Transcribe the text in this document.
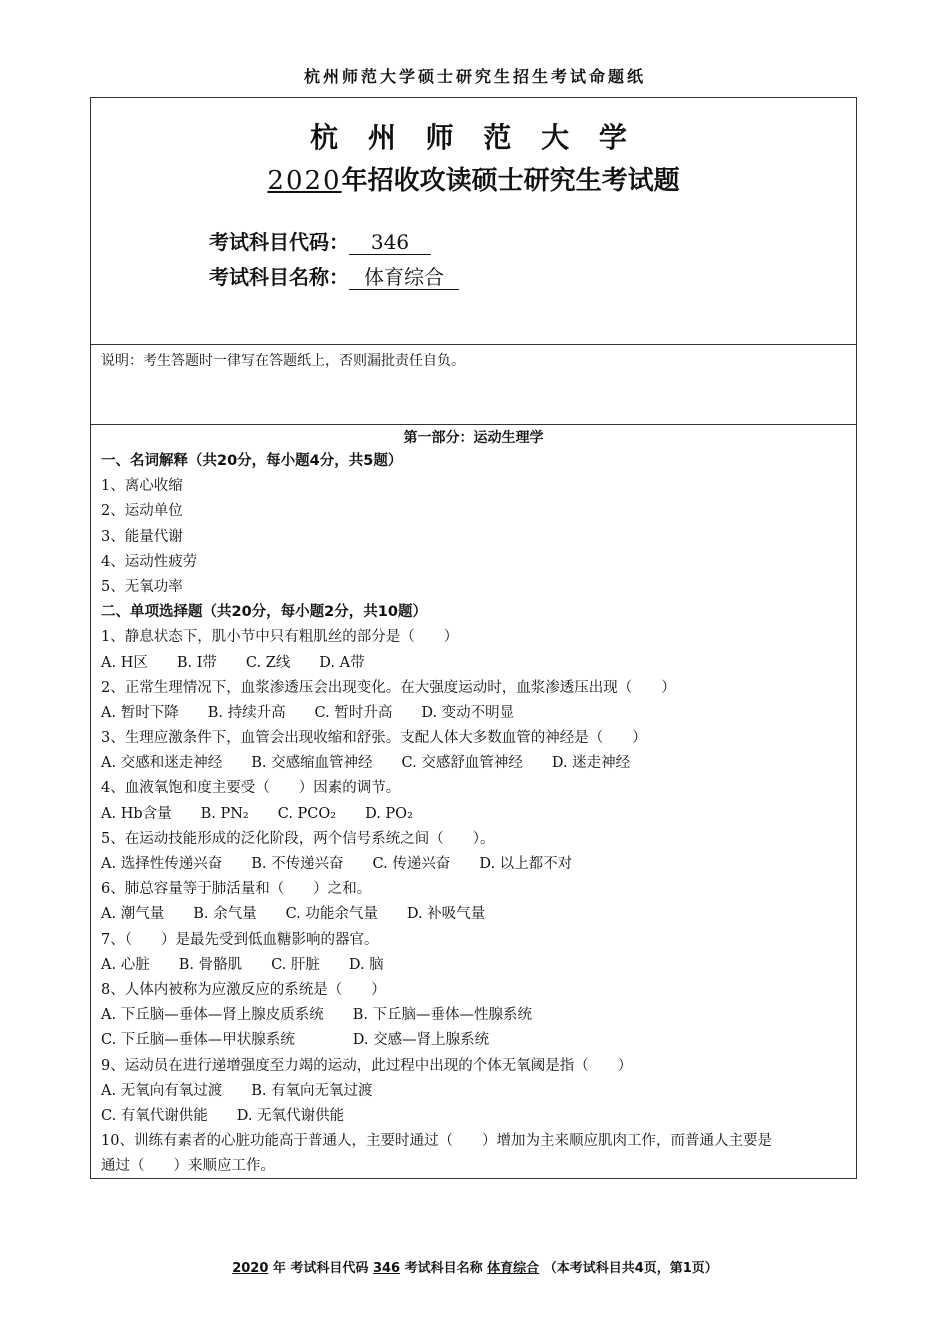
杭州师范大学硕士研究生招生考试命题纸
杭 州 师 范 大 学
2020年招收攻读硕士研究生考试题
考试科目代码： 346
考试科目名称： 体育综合
说明：考生答题时一律写在答题纸上，否则漏批责任自负。
第一部分：运动生理学
一、名词解释（共20分，每小题4分，共5题）
1、离心收缩
2、运动单位
3、能量代谢
4、运动性疲劳
5、无氧功率
二、单项选择题（共20分，每小题2分，共10题）
1、静息状态下，肌小节中只有粗肌丝的部分是（　　）
A. H区　　B. I带　　C. Z线　　D. A带
2、正常生理情况下，血浆渗透压会出现变化。在大强度运动时，血浆渗透压出现（　　）
A. 暂时下降　　B. 持续升高　　C. 暂时升高　　D. 变动不明显
3、生理应激条件下，血管会出现收缩和舒张。支配人体大多数血管的神经是（　　）
A. 交感和迷走神经　　B. 交感缩血管神经　　C. 交感舒血管神经　　D. 迷走神经
4、血液氧饱和度主要受（　　）因素的调节。
A. Hb含量　　B. PN₂　　C. PCO₂　　D. PO₂
5、在运动技能形成的泛化阶段，两个信号系统之间（　　）。
A. 选择性传递兴奋　　B. 不传递兴奋　　C. 传递兴奋　　D. 以上都不对
6、肺总容量等于肺活量和（　　）之和。
A. 潮气量　　B. 余气量　　C. 功能余气量　　D. 补吸气量
7、（　　）是最先受到低血糖影响的器官。
A. 心脏　　B. 骨骼肌　　C. 肝脏　　D. 脑
8、人体内被称为应激反应的系统是（　　）
A. 下丘脑—垂体—肾上腺皮质系统　　B. 下丘脑—垂体—性腺系统
C. 下丘脑—垂体—甲状腺系统　　　　D. 交感—肾上腺系统
9、运动员在进行递增强度至力竭的运动，此过程中出现的个体无氧阈是指（　　）
A. 无氧向有氧过渡　　B. 有氧向无氧过渡
C. 有氧代谢供能　　D. 无氧代谢供能
10、训练有素者的心脏功能高于普通人，主要时通过（　　）增加为主来顺应肌肉工作，而普通人主要是
通过（　　）来顺应工作。
2020 年 考试科目代码 346 考试科目名称 体育综合 （本考试科目共4页，第1页）
